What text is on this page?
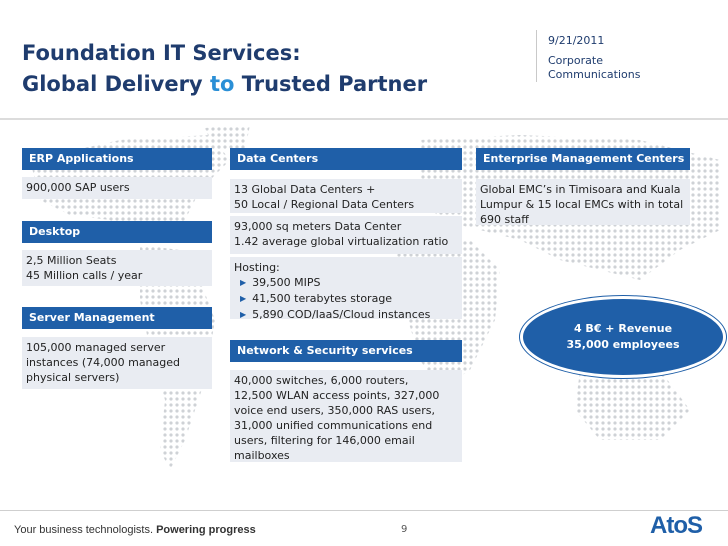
Foundation IT Services:
Global Delivery to Trusted Partner
9/21/2011
Corporate
Communications
ERP Applications
900,000 SAP users
Desktop
2,5 Million Seats
45 Million calls / year
Server Management
105,000 managed server
instances (74,000 managed
physical servers)
Data Centers
13 Global Data Centers +
50 Local / Regional Data Centers
93,000 sq meters Data Center
1.42 average global virtualization ratio
Hosting:
▶ 39,500 MIPS
▶ 41,500 terabytes storage
▶ 5,890 COD/IaaS/Cloud instances
Network & Security services
40,000 switches, 6,000 routers,
12,500 WLAN access points, 327,000
voice end users, 350,000 RAS users,
31,000 unified communications end
users, filtering for 146,000 email
mailboxes
Enterprise Management Centers
Global EMC’s in Timisoara and Kuala
Lumpur & 15 local EMCs with in total
690 staff
4 B€ + Revenue
35,000 employees
Your business technologists. Powering progress	9	AtoS
